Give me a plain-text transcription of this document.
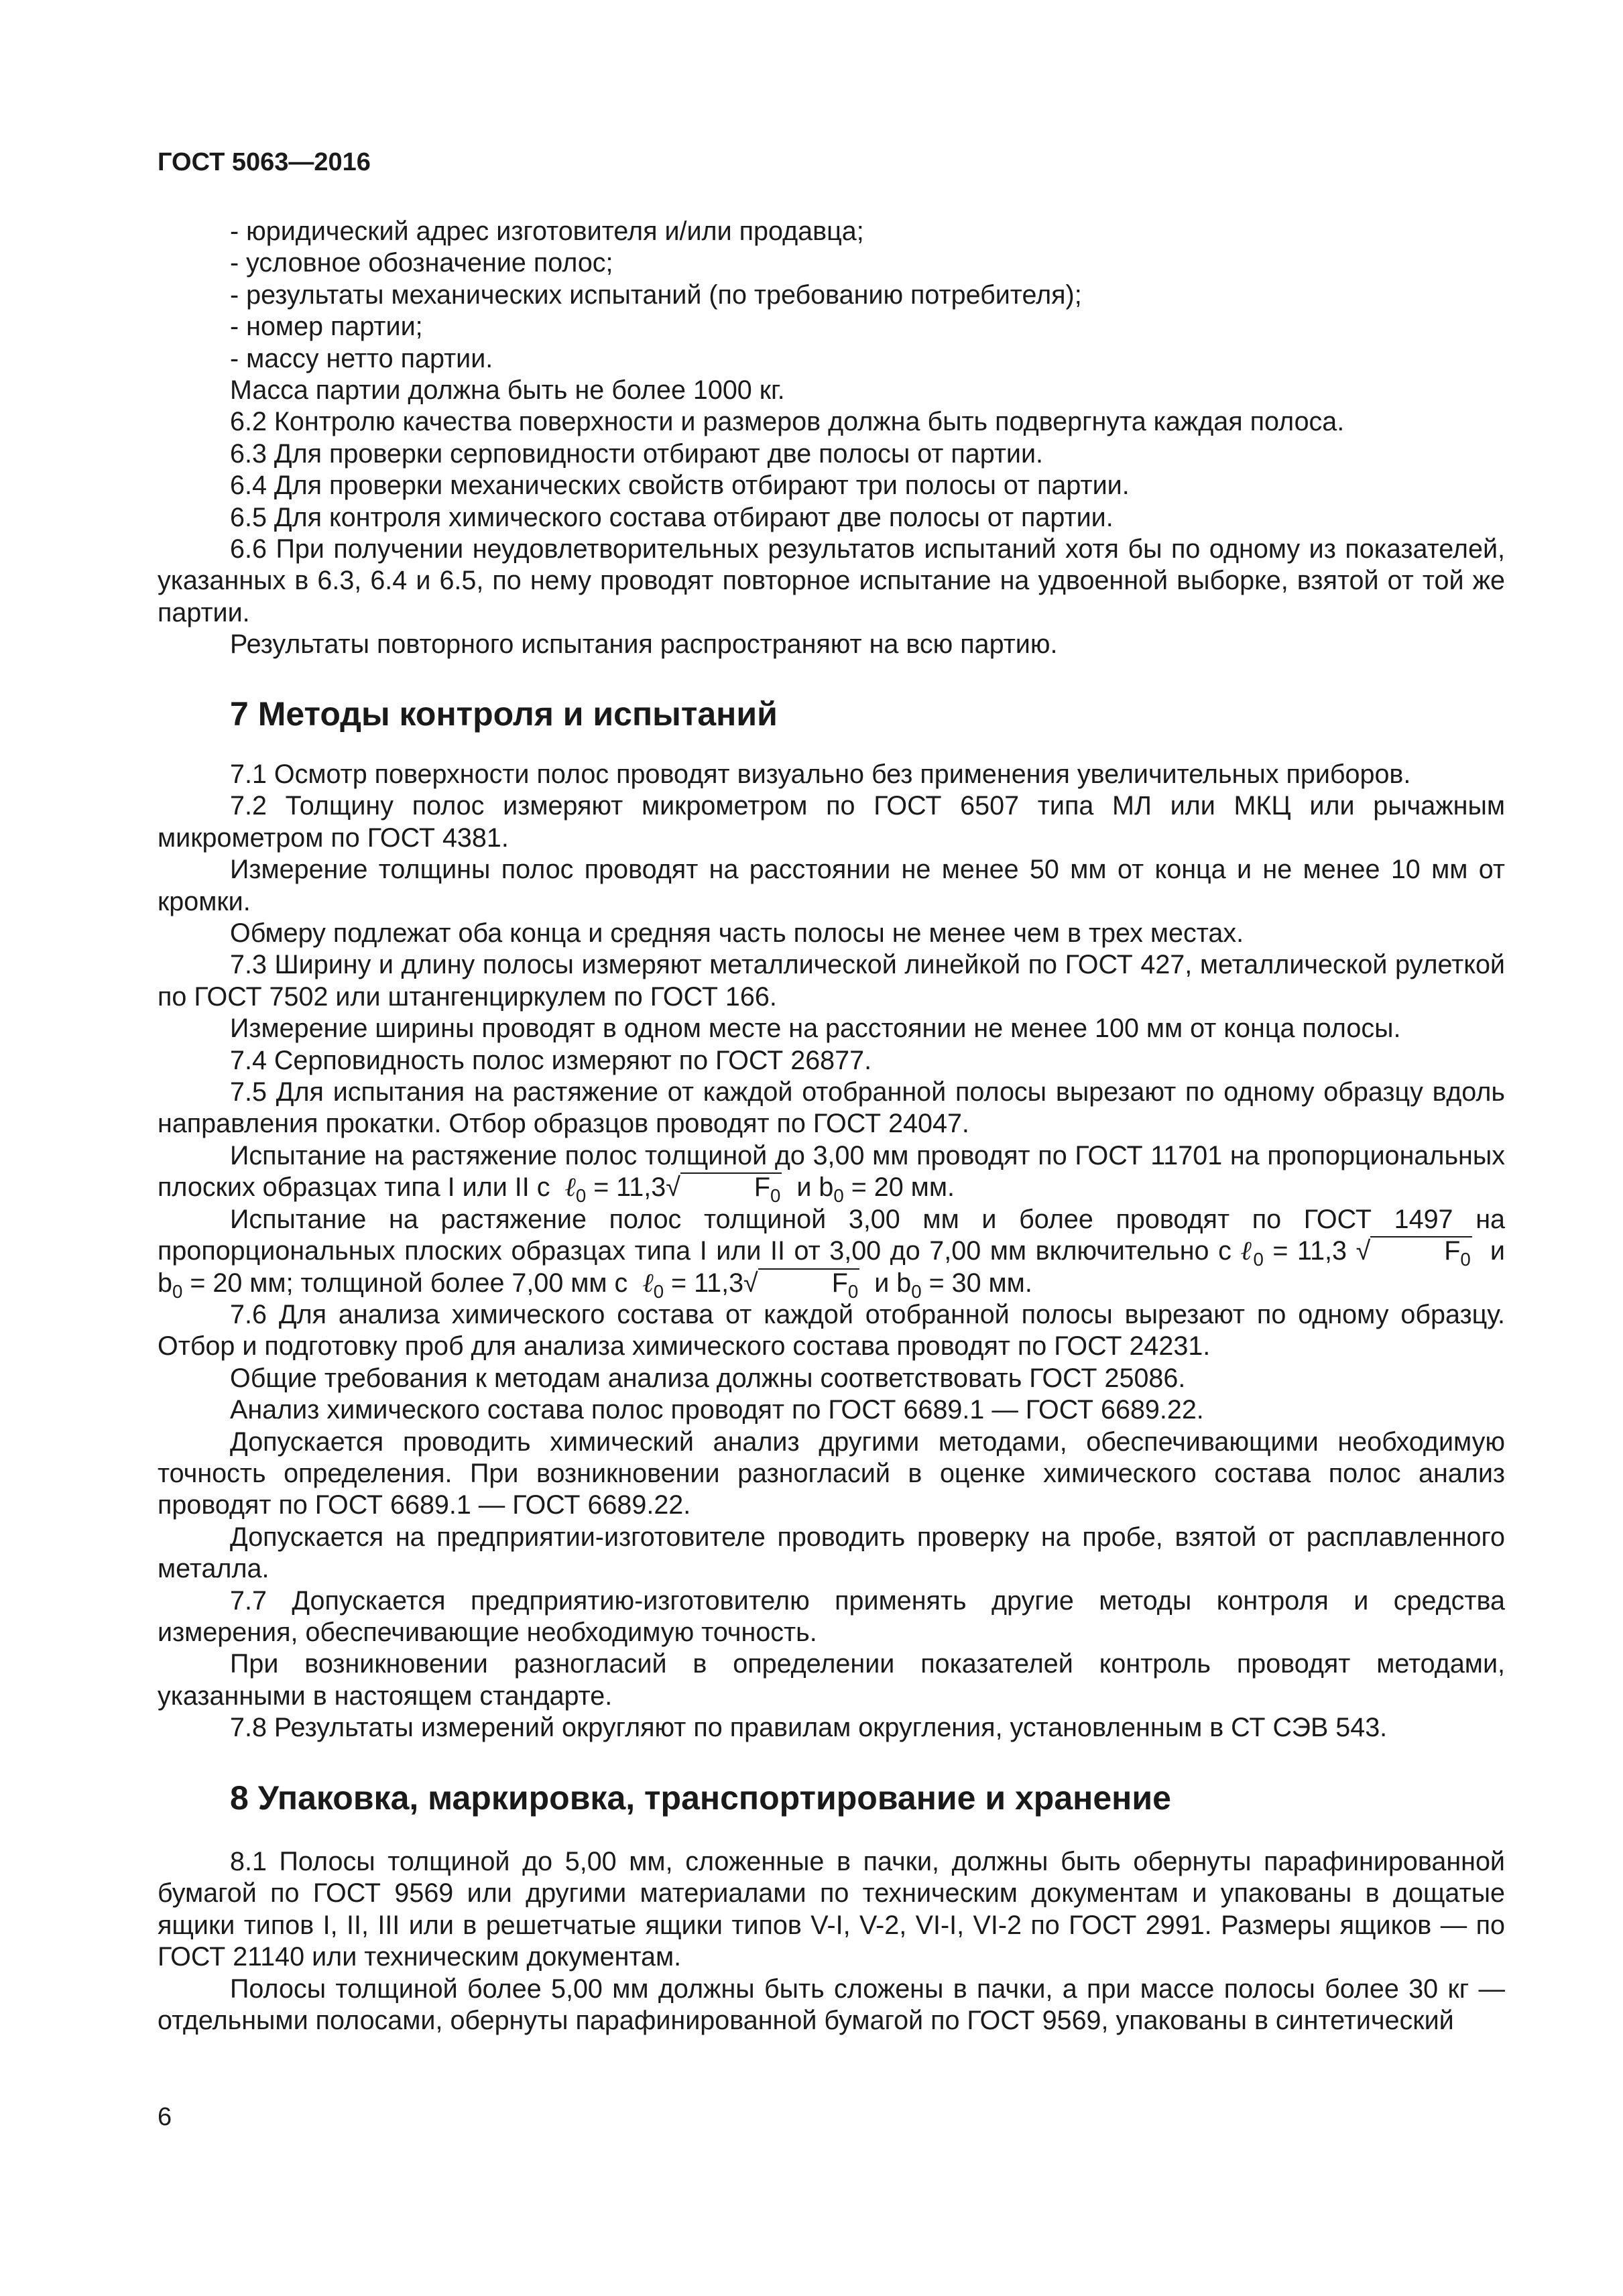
ГОСТ 5063—2016

- юридический адрес изготовителя и/или продавца;

- условное обозначение полос;

- результаты механических испытаний (по требованию потребителя);

- номер партии;

- массу нетто партии.

Масса партии должна быть не более 1000 кг.

6.2 Контролю качества поверхности и размеров должна быть подвергнута каждая полоса.

6.3 Для проверки серповидности отбирают две полосы от партии.

6.4 Для проверки механических свойств отбирают три полосы от партии.

6.5 Для контроля химического состава отбирают две полосы от партии.

6.6 При получении неудовлетворительных результатов испытаний хотя бы по одному из показателей, указанных в 6.3, 6.4 и 6.5, по нему проводят повторное испытание на удвоенной выборке, взятой от той же партии.

Результаты повторного испытания распространяют на всю партию.

7 Методы контроля и испытаний

7.1 Осмотр поверхности полос проводят визуально без применения увеличительных приборов.

7.2 Толщину полос измеряют микрометром по ГОСТ 6507 типа МЛ или МКЦ или рычажным микрометром по ГОСТ 4381.

Измерение толщины полос проводят на расстоянии не менее 50 мм от конца и не менее 10 мм от кромки.

Обмеру подлежат оба конца и средняя часть полосы не менее чем в трех местах.

7.3 Ширину и длину полосы измеряют металлической линейкой по ГОСТ 427, металлической рулеткой по ГОСТ 7502 или штангенциркулем по ГОСТ 166.

Измерение ширины проводят в одном месте на расстоянии не менее 100 мм от конца полосы.

7.4 Серповидность полос измеряют по ГОСТ 26877.

7.5 Для испытания на растяжение от каждой отобранной полосы вырезают по одному образцу вдоль направления прокатки. Отбор образцов проводят по ГОСТ 24047.

Испытание на растяжение полос толщиной до 3,00 мм проводят по ГОСТ 11701 на пропорциональных плоских образцах типа I или II с ℓ$_0$ = 11,3√	$F_0$ и $b_0 = 20$ мм.

Испытание на растяжение полос толщиной 3,00 мм и более проводят по ГОСТ 1497 на пропорциональных плоских образцах типа I или II от 3,00 до 7,00 мм включительно с ℓ$_0$ = 11,3 √	$F_0$ и $b_0 = 20$ мм; толщиной более 7,00 мм с ℓ$_0$ = 11,3√	$F_0$ и $b_0 = 30$ мм.

7.6 Для анализа химического состава от каждой отобранной полосы вырезают по одному образцу. Отбор и подготовку проб для анализа химического состава проводят по ГОСТ 24231.

Общие требования к методам анализа должны соответствовать ГОСТ 25086.

Анализ химического состава полос проводят по ГОСТ 6689.1 — ГОСТ 6689.22.

Допускается проводить химический анализ другими методами, обеспечивающими необходимую точность определения. При возникновении разногласий в оценке химического состава полос анализ проводят по ГОСТ 6689.1 — ГОСТ 6689.22.

Допускается на предприятии-изготовителе проводить проверку на пробе, взятой от расплавленного металла.

7.7 Допускается предприятию-изготовителю применять другие методы контроля и средства измерения, обеспечивающие необходимую точность.

При возникновении разногласий в определении показателей контроль проводят методами, указанными в настоящем стандарте.

7.8 Результаты измерений округляют по правилам округления, установленным в СТ СЭВ 543.

8 Упаковка, маркировка, транспортирование и хранение

8.1 Полосы толщиной до 5,00 мм, сложенные в пачки, должны быть обернуты парафинированной бумагой по ГОСТ 9569 или другими материалами по техническим документам и упакованы в дощатые ящики типов I, II, III или в решетчатые ящики типов V-I, V-2, VI-I, VI-2 по ГОСТ 2991. Размеры ящиков — по ГОСТ 21140 или техническим документам.

Полосы толщиной более 5,00 мм должны быть сложены в пачки, а при массе полосы более 30 кг — отдельными полосами, обернуты парафинированной бумагой по ГОСТ 9569, упакованы в синтетический

6
